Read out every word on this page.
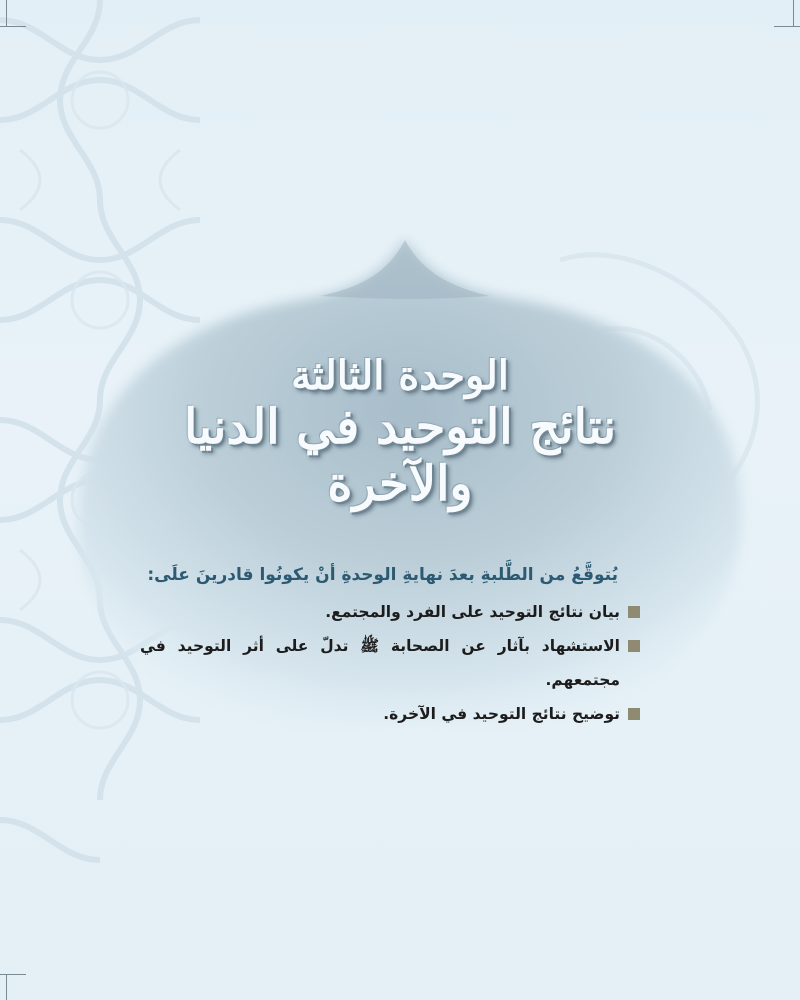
الوحدة الثالثة
نتائج التوحيد في الدنيا
والآخرة
يُتوقَّعُ من الطَّلبةِ بعدَ نهايةِ الوحدةِ أنْ يكونُوا قادرينَ علَى:
بيان نتائج التوحيد على الفرد والمجتمع.
الاستشهاد بآثار عن الصحابة ﷺ تدلّ على أثر التوحيد في مجتمعهم.
توضيح نتائج التوحيد في الآخرة.
